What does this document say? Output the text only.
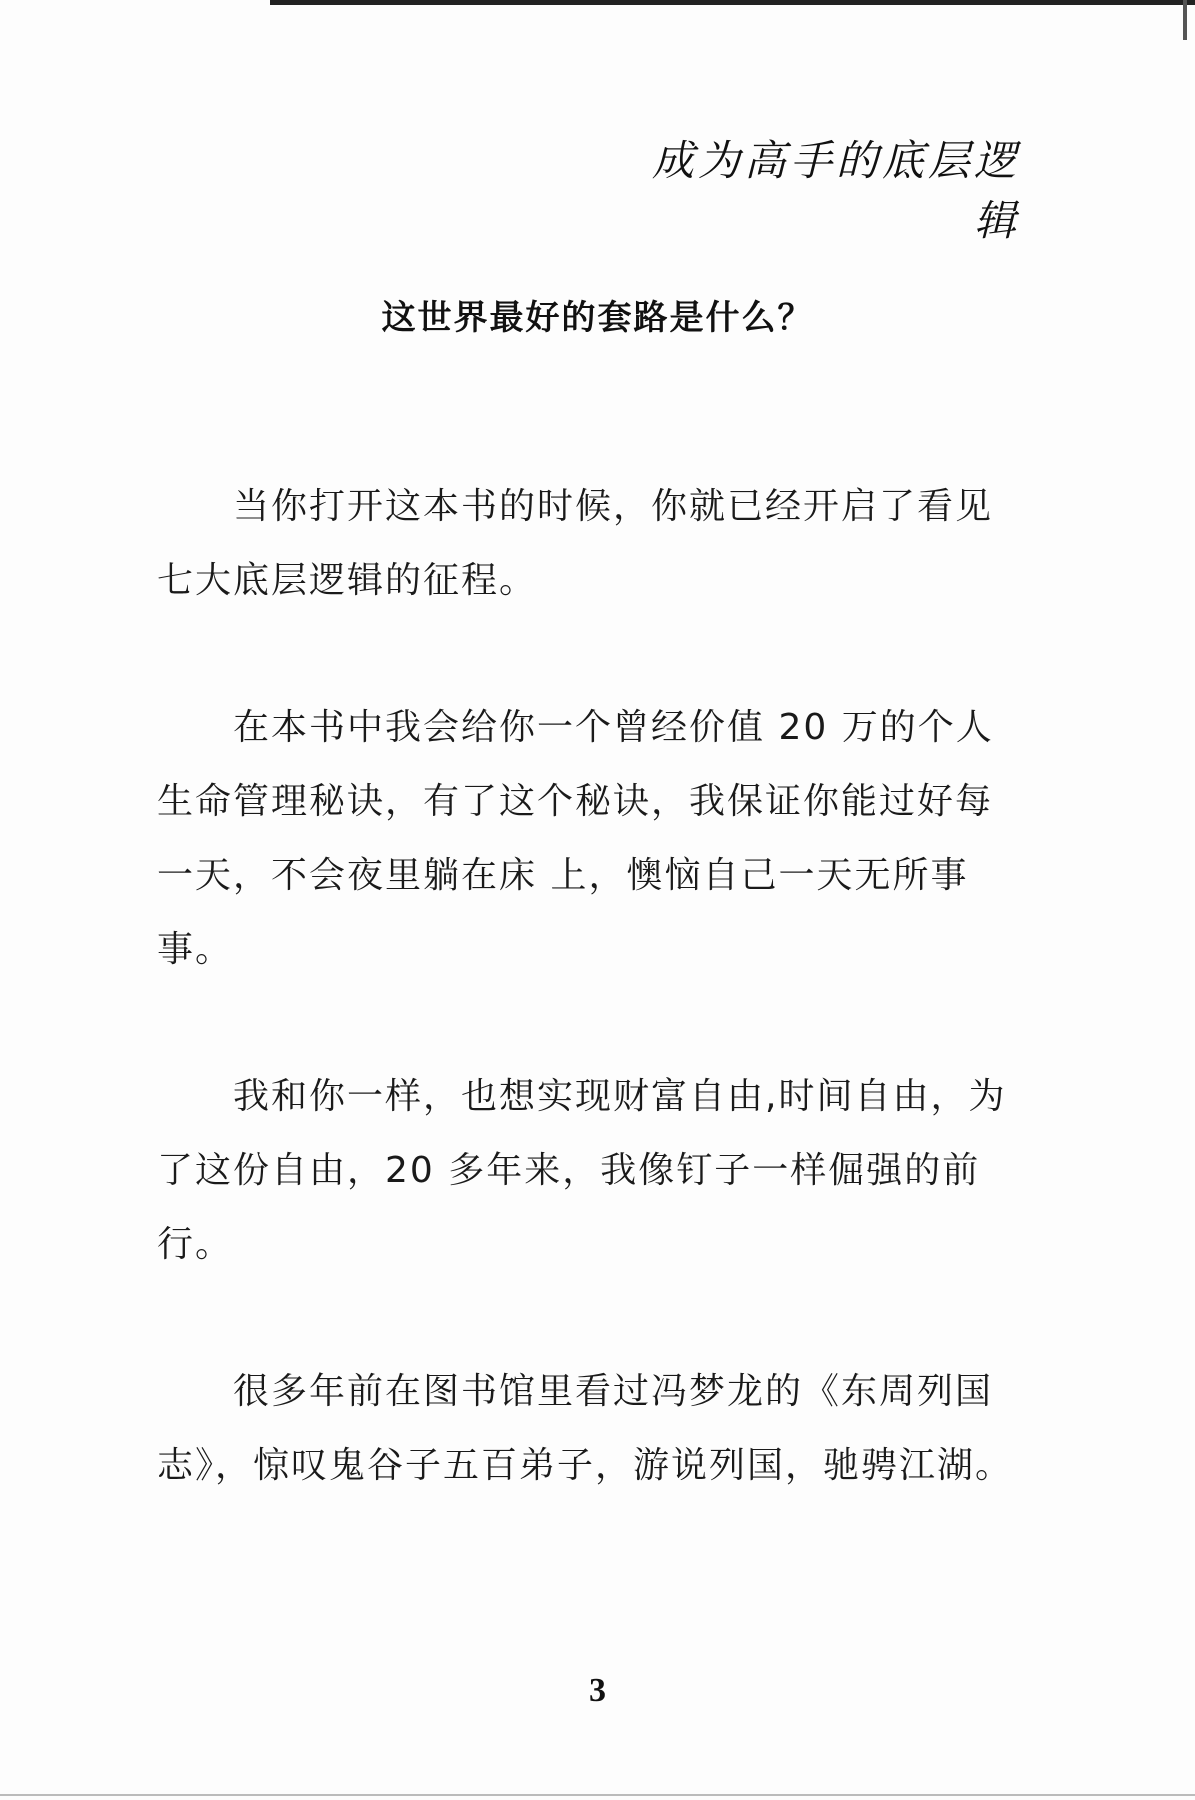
成为高手的底层逻辑
这世界最好的套路是什么？

当你打开这本书的时候，你就已经开启了看见七大底层逻辑的征程。

在本书中我会给你一个曾经价值 20 万的个人生命管理秘诀，有了这个秘诀，我保证你能过好每一天，不会夜里躺在床 上，懊恼自己一天无所事事。

我和你一样，也想实现财富自由,时间自由，为了这份自由，20 多年来，我像钉子一样倔强的前行。

很多年前在图书馆里看过冯梦龙的《东周列国志》，惊叹鬼谷子五百弟子，游说列国，驰骋江湖。

3
